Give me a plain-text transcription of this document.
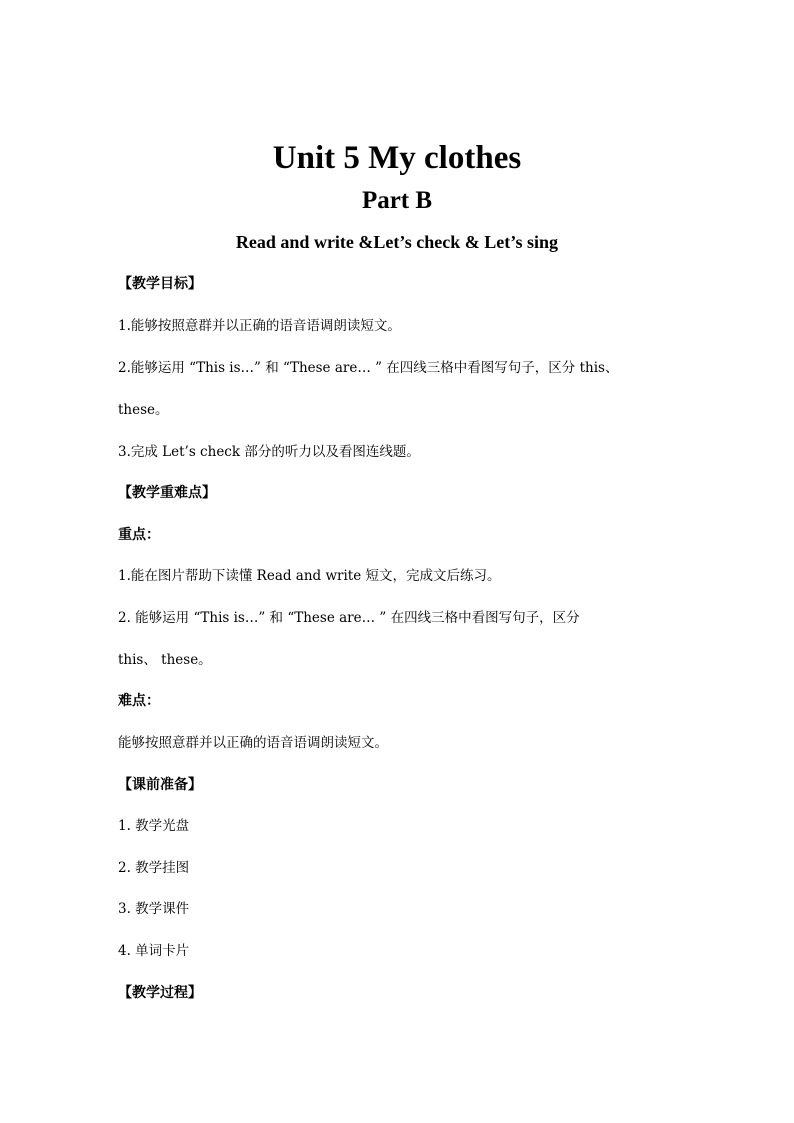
Unit 5 My clothes
Part B
Read and write &Let’s check & Let’s sing
【教学目标】
1.能够按照意群并以正确的语音语调朗读短文。
2.能够运用 “This is…” 和 “These are… ” 在四线三格中看图写句子，区分 this、
these。
3.完成 Let’s check 部分的听力以及看图连线题。
【教学重难点】
重点：
1.能在图片帮助下读懂 Read and write 短文，完成文后练习。
2. 能够运用 “This is…” 和 “These are… ” 在四线三格中看图写句子，区分
this、 these。
难点：
能够按照意群并以正确的语音语调朗读短文。
【课前准备】
1. 教学光盘
2. 教学挂图
3. 教学课件
4. 单词卡片
【教学过程】
